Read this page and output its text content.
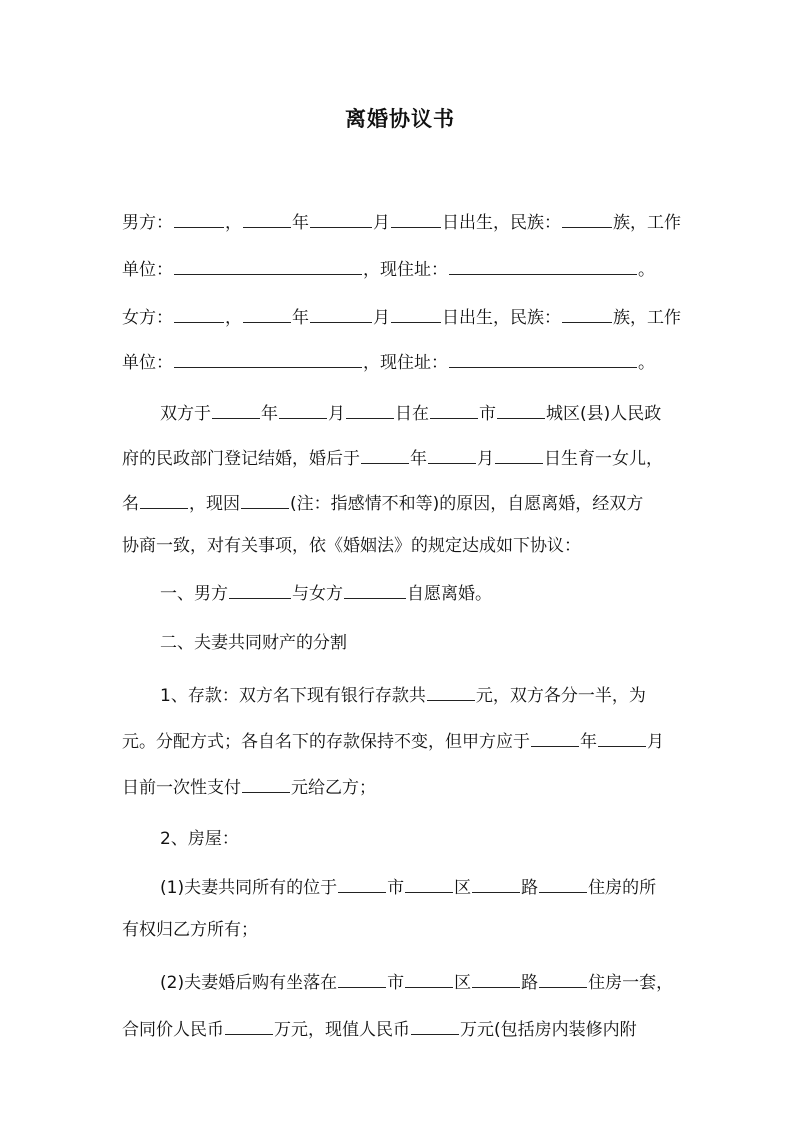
离婚协议书
男方：	，	年	月	日出生，民族：	族，工作
单位：	，现住址：	。
女方：	，	年	月	日出生，民族：	族，工作
单位：	，现住址：	。
双方于	年	月	日在	市	城区(县)人民政
府的民政部门登记结婚，婚后于	年	月	日生育一女儿，
名	，现因	(注：指感情不和等)的原因，自愿离婚，经双方
协商一致，对有关事项，依《婚姻法》的规定达成如下协议：
一、男方	与女方	自愿离婚。
二、夫妻共同财产的分割
1、存款：双方名下现有银行存款共	元，双方各分一半，为
元。分配方式；各自名下的存款保持不变，但甲方应于	年	月
日前一次性支付	元给乙方；
2、房屋：
(1)夫妻共同所有的位于	市	区	路	住房的所
有权归乙方所有；
(2)夫妻婚后购有坐落在	市	区	路	住房一套，
合同价人民币	万元，现值人民币	万元(包括房内装修内附
